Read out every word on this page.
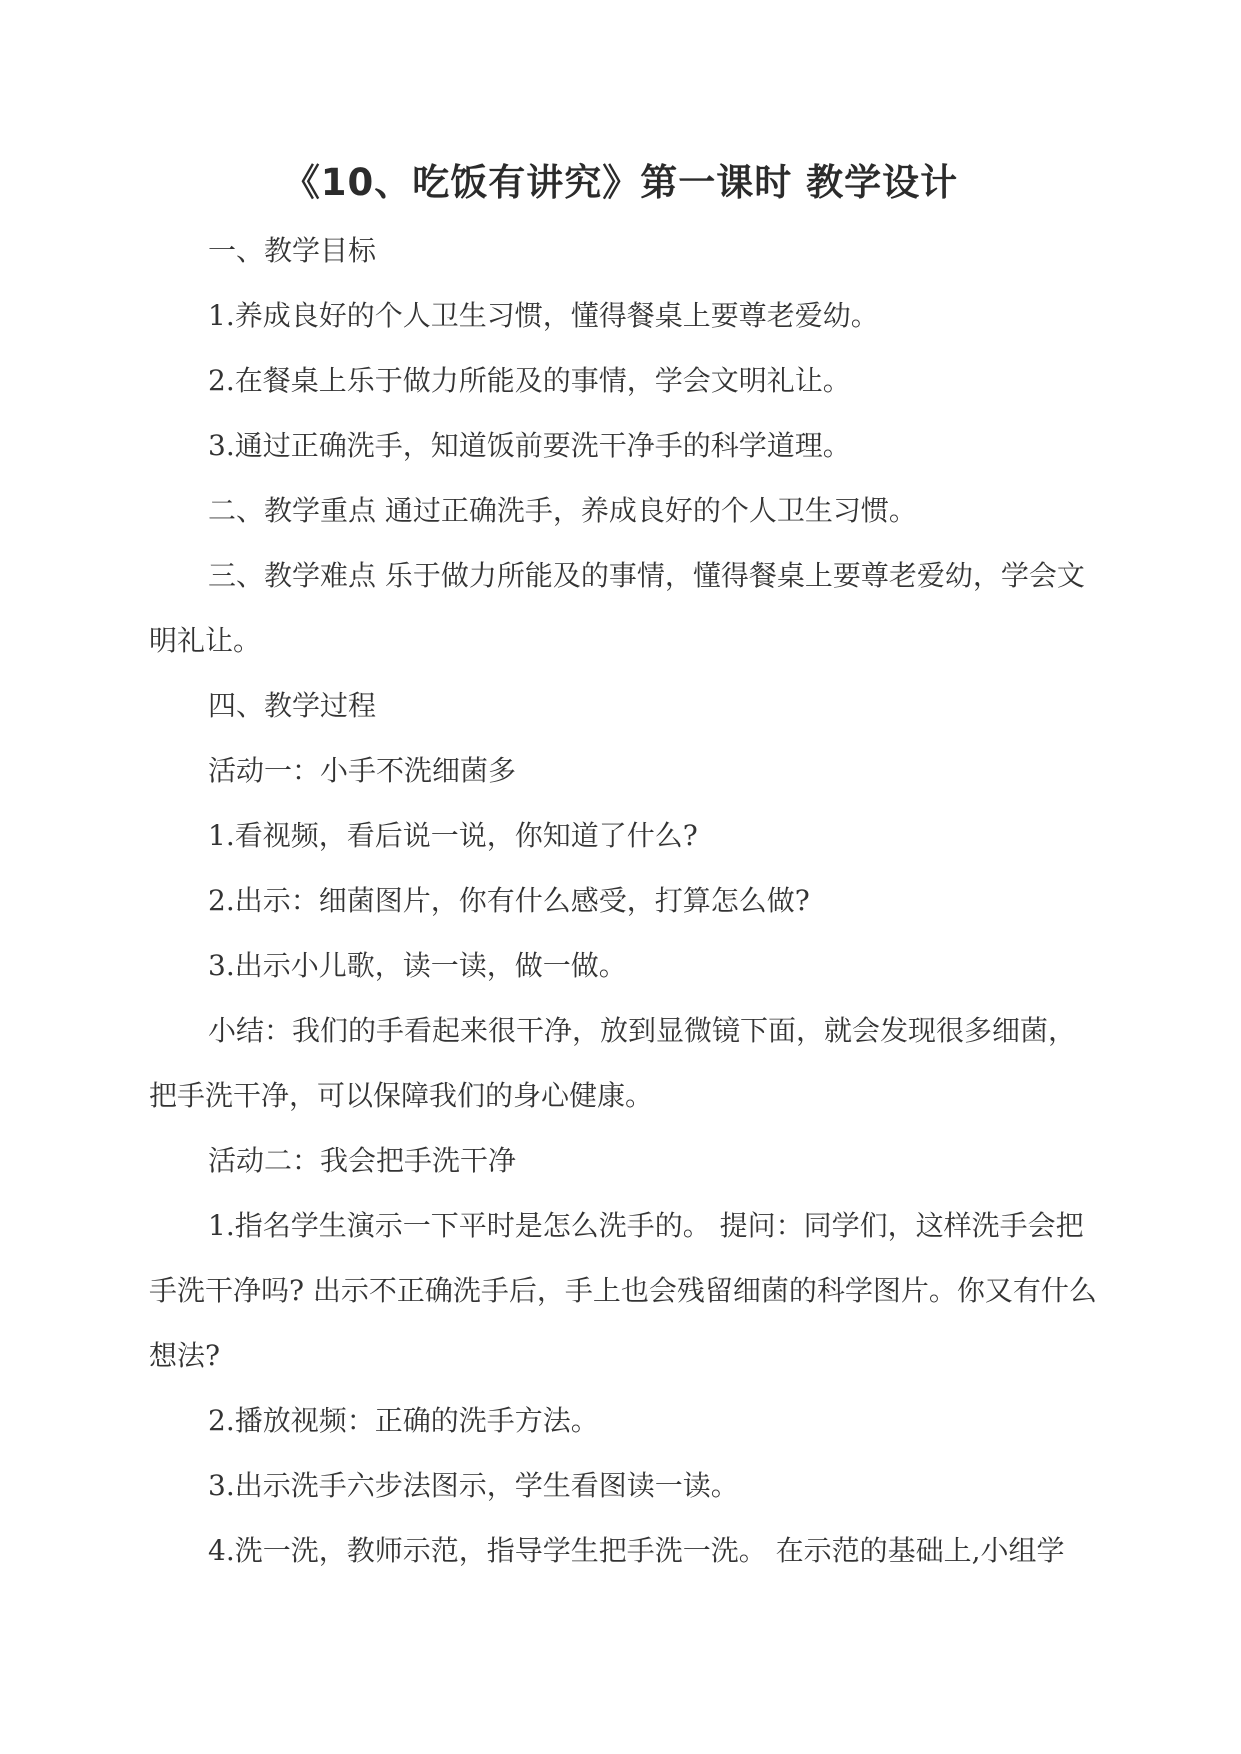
《10、吃饭有讲究》第一课时 教学设计

一、教学目标

1.养成良好的个人卫生习惯，懂得餐桌上要尊老爱幼。

2.在餐桌上乐于做力所能及的事情，学会文明礼让。

3.通过正确洗手，知道饭前要洗干净手的科学道理。

二、教学重点 通过正确洗手，养成良好的个人卫生习惯。

三、教学难点 乐于做力所能及的事情，懂得餐桌上要尊老爱幼，学会文明礼让。

四、教学过程

活动一：小手不洗细菌多

1.看视频，看后说一说，你知道了什么?

2.出示：细菌图片，你有什么感受，打算怎么做?

3.出示小儿歌，读一读，做一做。

小结：我们的手看起来很干净，放到显微镜下面，就会发现很多细菌，把手洗干净，可以保障我们的身心健康。

活动二：我会把手洗干净

1.指名学生演示一下平时是怎么洗手的。 提问：同学们，这样洗手会把手洗干净吗? 出示不正确洗手后，手上也会残留细菌的科学图片。你又有什么想法?

2.播放视频：正确的洗手方法。

3.出示洗手六步法图示，学生看图读一读。

4.洗一洗，教师示范，指导学生把手洗一洗。 在示范的基础上,小组学
